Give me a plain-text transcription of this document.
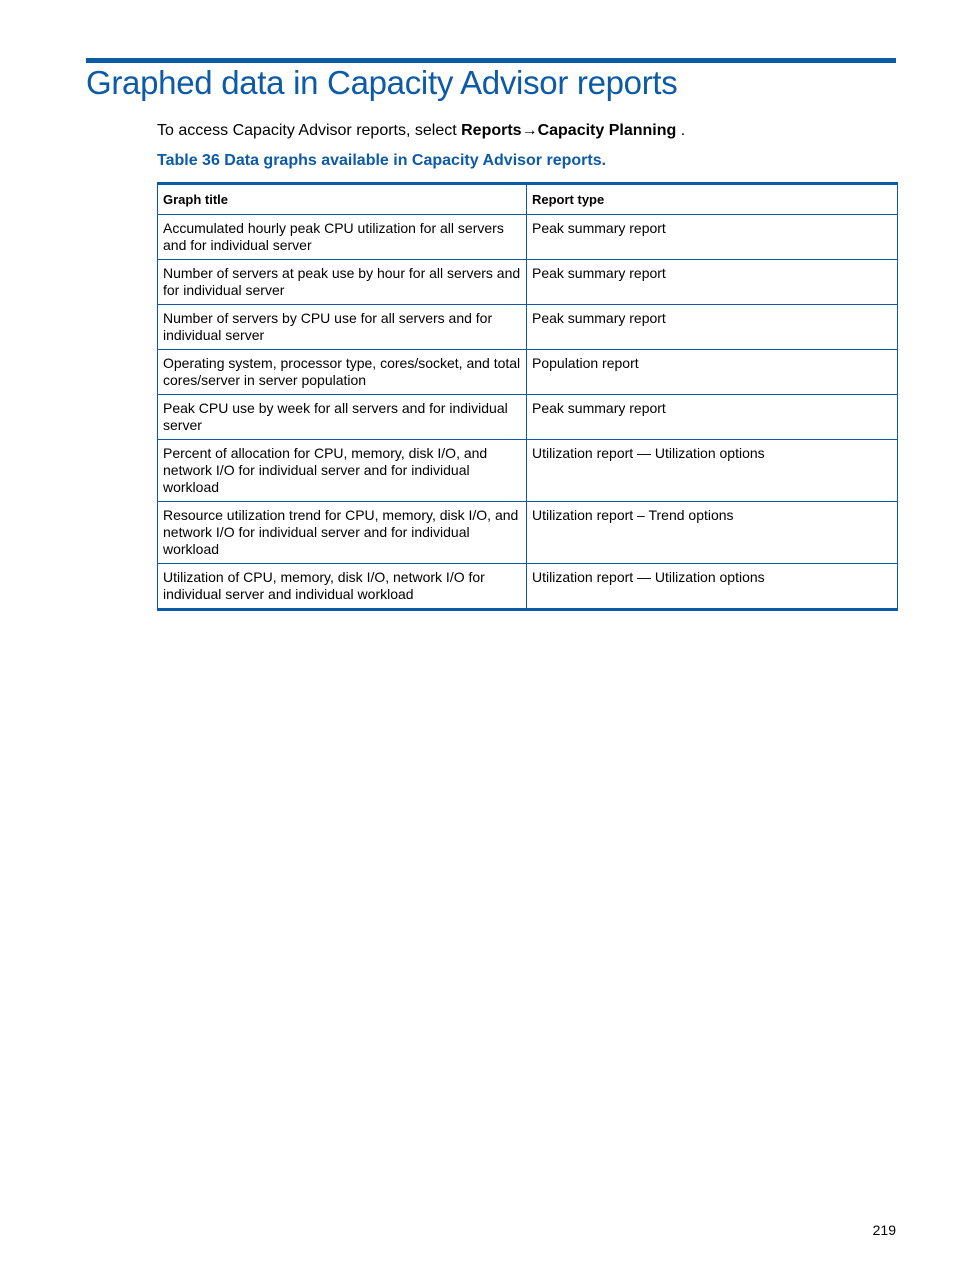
Graphed data in Capacity Advisor reports

To access Capacity Advisor reports, select Reports→Capacity Planning .

Table 36 Data graphs available in Capacity Advisor reports.

Graph title	Report type
Accumulated hourly peak CPU utilization for all servers and for individual server	Peak summary report
Number of servers at peak use by hour for all servers and for individual server	Peak summary report
Number of servers by CPU use for all servers and for individual server	Peak summary report
Operating system, processor type, cores/socket, and total cores/server in server population	Population report
Peak CPU use by week for all servers and for individual server	Peak summary report
Percent of allocation for CPU, memory, disk I/O, and network I/O for individual server and for individual workload	Utilization report — Utilization options
Resource utilization trend for CPU, memory, disk I/O, and network I/O for individual server and for individual workload	Utilization report – Trend options
Utilization of CPU, memory, disk I/O, network I/O for individual server and individual workload	Utilization report — Utilization options
219
